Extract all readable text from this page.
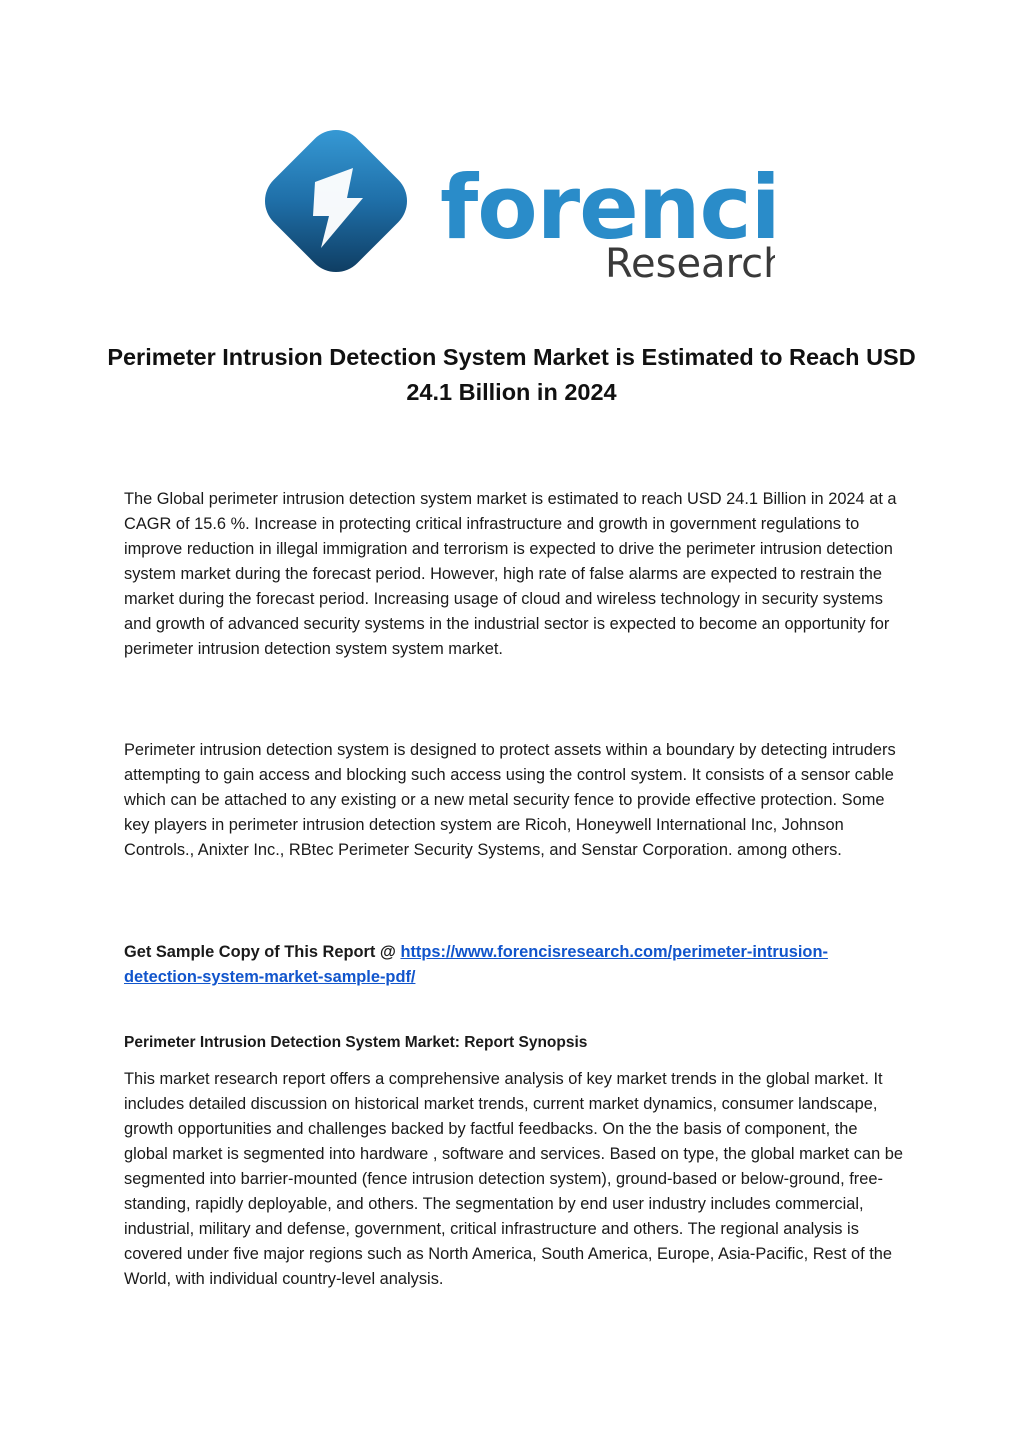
forenci
Research
Perimeter Intrusion Detection System Market is Estimated to Reach USD 24.1 Billion in 2024
The Global perimeter intrusion detection system market is estimated to reach USD 24.1 Billion in 2024 at a CAGR of 15.6 %. Increase in protecting critical infrastructure and growth in government regulations to improve reduction in illegal immigration and terrorism is expected to drive the perimeter intrusion detection system market during the forecast period. However, high rate of false alarms are expected to restrain the market during the forecast period. Increasing usage of cloud and wireless technology in security systems and growth of advanced security systems in the industrial sector is expected to become an opportunity for perimeter intrusion detection system system market.
Perimeter intrusion detection system is designed to protect assets within a boundary by detecting intruders attempting to gain access and blocking such access using the control system. It consists of a sensor cable which can be attached to any existing or a new metal security fence to provide effective protection. Some key players in perimeter intrusion detection system are Ricoh, Honeywell International Inc, Johnson Controls., Anixter Inc., RBtec Perimeter Security Systems, and Senstar Corporation. among others.
Get Sample Copy of This Report @ https://www.forencisresearch.com/perimeter-intrusion-detection-system-market-sample-pdf/
Perimeter Intrusion Detection System Market: Report Synopsis
This market research report offers a comprehensive analysis of key market trends in the global market. It includes detailed discussion on historical market trends, current market dynamics, consumer landscape, growth opportunities and challenges backed by factful feedbacks. On the the basis of component, the global market is segmented into hardware , software and services. Based on type, the global market can be segmented into barrier-mounted (fence intrusion detection system), ground-based or below-ground, free-standing, rapidly deployable, and others. The segmentation by end user industry includes commercial, industrial, military and defense, government, critical infrastructure and others. The regional analysis is covered under five major regions such as North America, South America, Europe, Asia-Pacific, Rest of the World, with individual country-level analysis.
